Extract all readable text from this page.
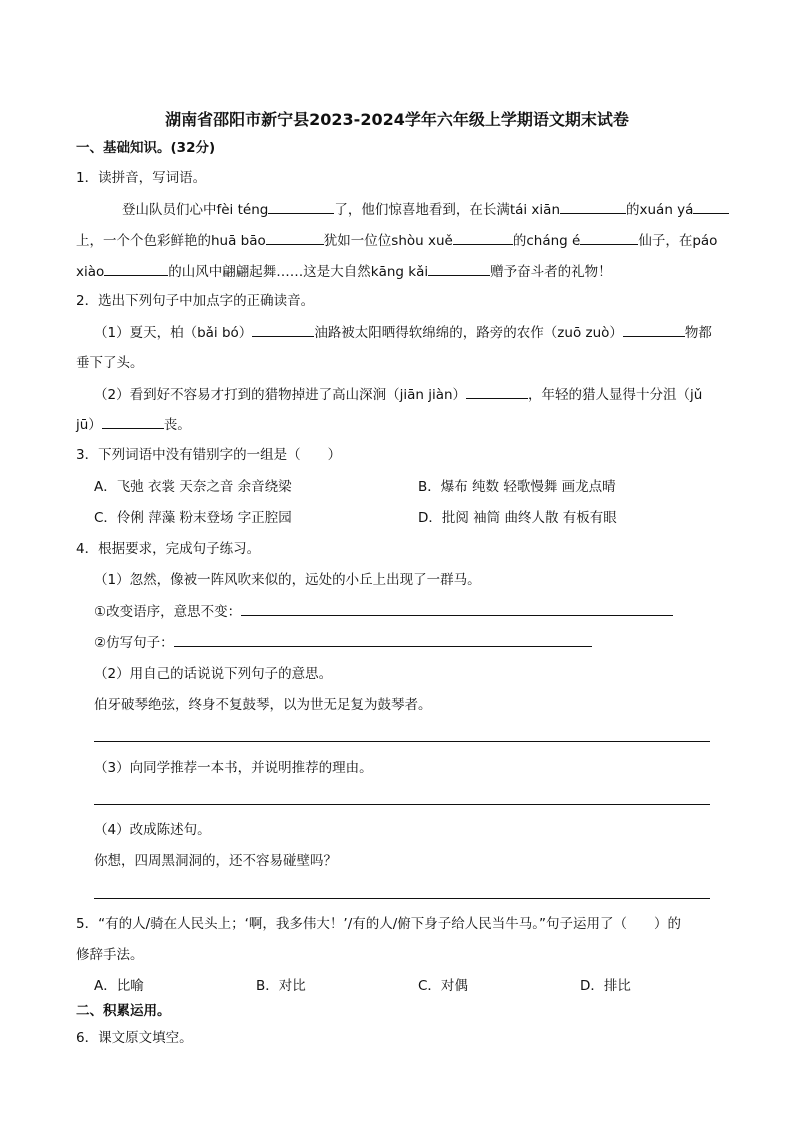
湖南省邵阳市新宁县2023-2024学年六年级上学期语文期末试卷
一、基础知识。(32分)
1．读拼音，写词语。
登山队员们心中fèi téng	了，他们惊喜地看到，在长满tái xiān	的xuán yá
上，一个个色彩鲜艳的huā bāo	犹如一位位shòu xuě	的cháng é	仙子，在páo
xiào	的山风中翩翩起舞……这是大自然kāng kǎi	赠予奋斗者的礼物！
2．选出下列句子中加点字的正确读音。
（1）夏天，柏（bǎi bó）	油路被太阳晒得软绵绵的，路旁的农作（zuō zuò）	物都
垂下了头。
（2）看到好不容易才打到的猎物掉进了高山深涧（jiān jiàn）	，年轻的猎人显得十分沮（jǔ
jū）	丧。
3．下列词语中没有错别字的一组是（　　）
A．飞弛 衣裳 天奈之音 余音绕梁	B．爆布 纯数 轻歌慢舞 画龙点晴
C．伶俐 萍藻 粉末登场 字正腔园	D．批阅 袖筒 曲终人散 有板有眼
4．根据要求，完成句子练习。
（1）忽然，像被一阵风吹来似的，远处的小丘上出现了一群马。
①改变语序，意思不变：
②仿写句子：
（2）用自己的话说说下列句子的意思。
伯牙破琴绝弦，终身不复鼓琴，以为世无足复为鼓琴者。
（3）向同学推荐一本书，并说明推荐的理由。
（4）改成陈述句。
你想，四周黑洞洞的，还不容易碰壁吗？
5．“有的人/骑在人民头上；‘啊，我多伟大！’/有的人/俯下身子给人民当牛马。”句子运用了（　　）的
修辞手法。
A．比喻	B．对比	C．对偶	D．排比
二、积累运用。
6．课文原文填空。
